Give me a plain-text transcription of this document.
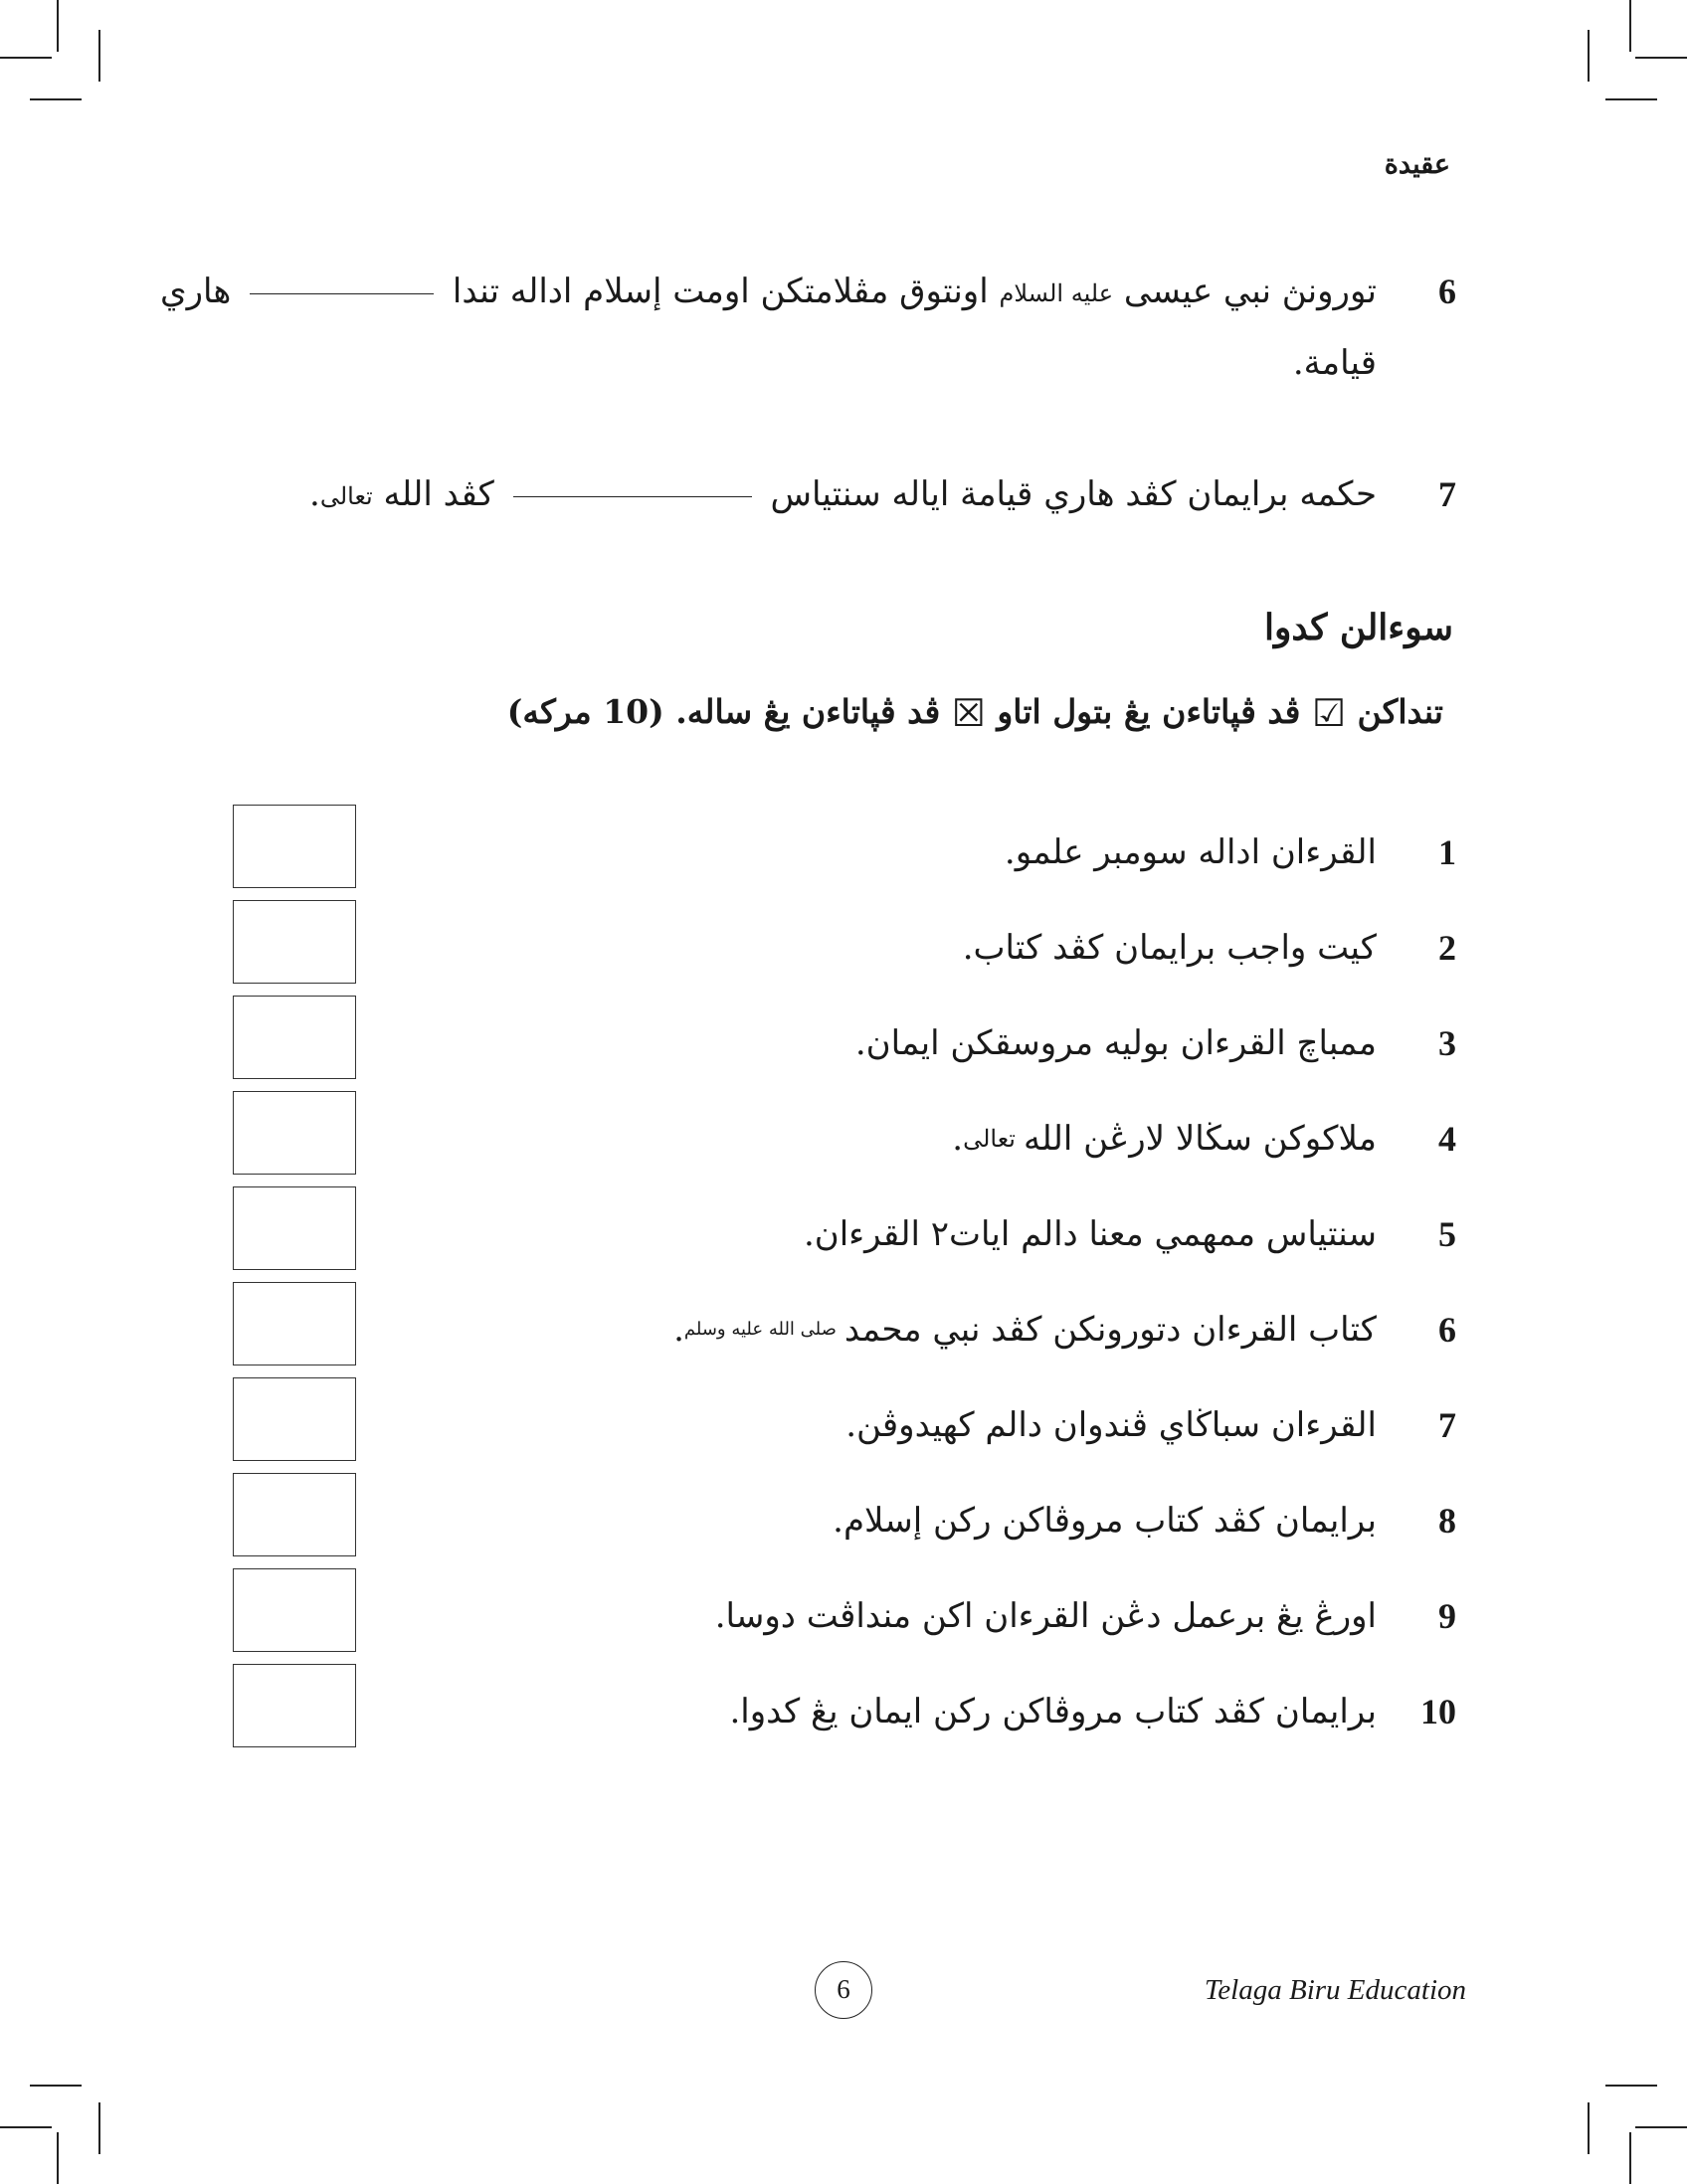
عقيدة
6
تورونڽ نبي عيسى عليه السلام اونتوق مڤلامتكن اومت إسلام اداله تندا  هاري
قيامة.
7
حكمه برايمان كڤد هاري قيامة اياله سنتياس  كڤد الله تعالى.
سوءالن كدوا
تنداكن ☑ ڤد ڤپاتاءن يڠ بتول اتاو ☒ ڤد ڤپاتاءن يڠ ساله. (10 مركه)
1
القرءان اداله سومبر علمو.
2
كيت واجب برايمان كڤد كتاب.
3
ممباچ القرءان بوليه مروسقكن ايمان.
4
ملاكوكن سڬالا لارڠن الله
تعالى
.
5
سنتياس ممهمي معنا دالم ايات٢ القرءان.
6
كتاب القرءان دتورونكن كڤد نبي محمد
صلى الله عليه وسلم
.
7
القرءان سباڬاي ڤندوان دالم كهيدوڤن.
8
برايمان كڤد كتاب مروڤاكن ركن إسلام.
9
اورڠ يڠ برعمل دڠن القرءان اكن منداڤت دوسا.
10
برايمان كڤد كتاب مروڤاكن ركن ايمان يڠ كدوا.
6	Telaga Biru Education
